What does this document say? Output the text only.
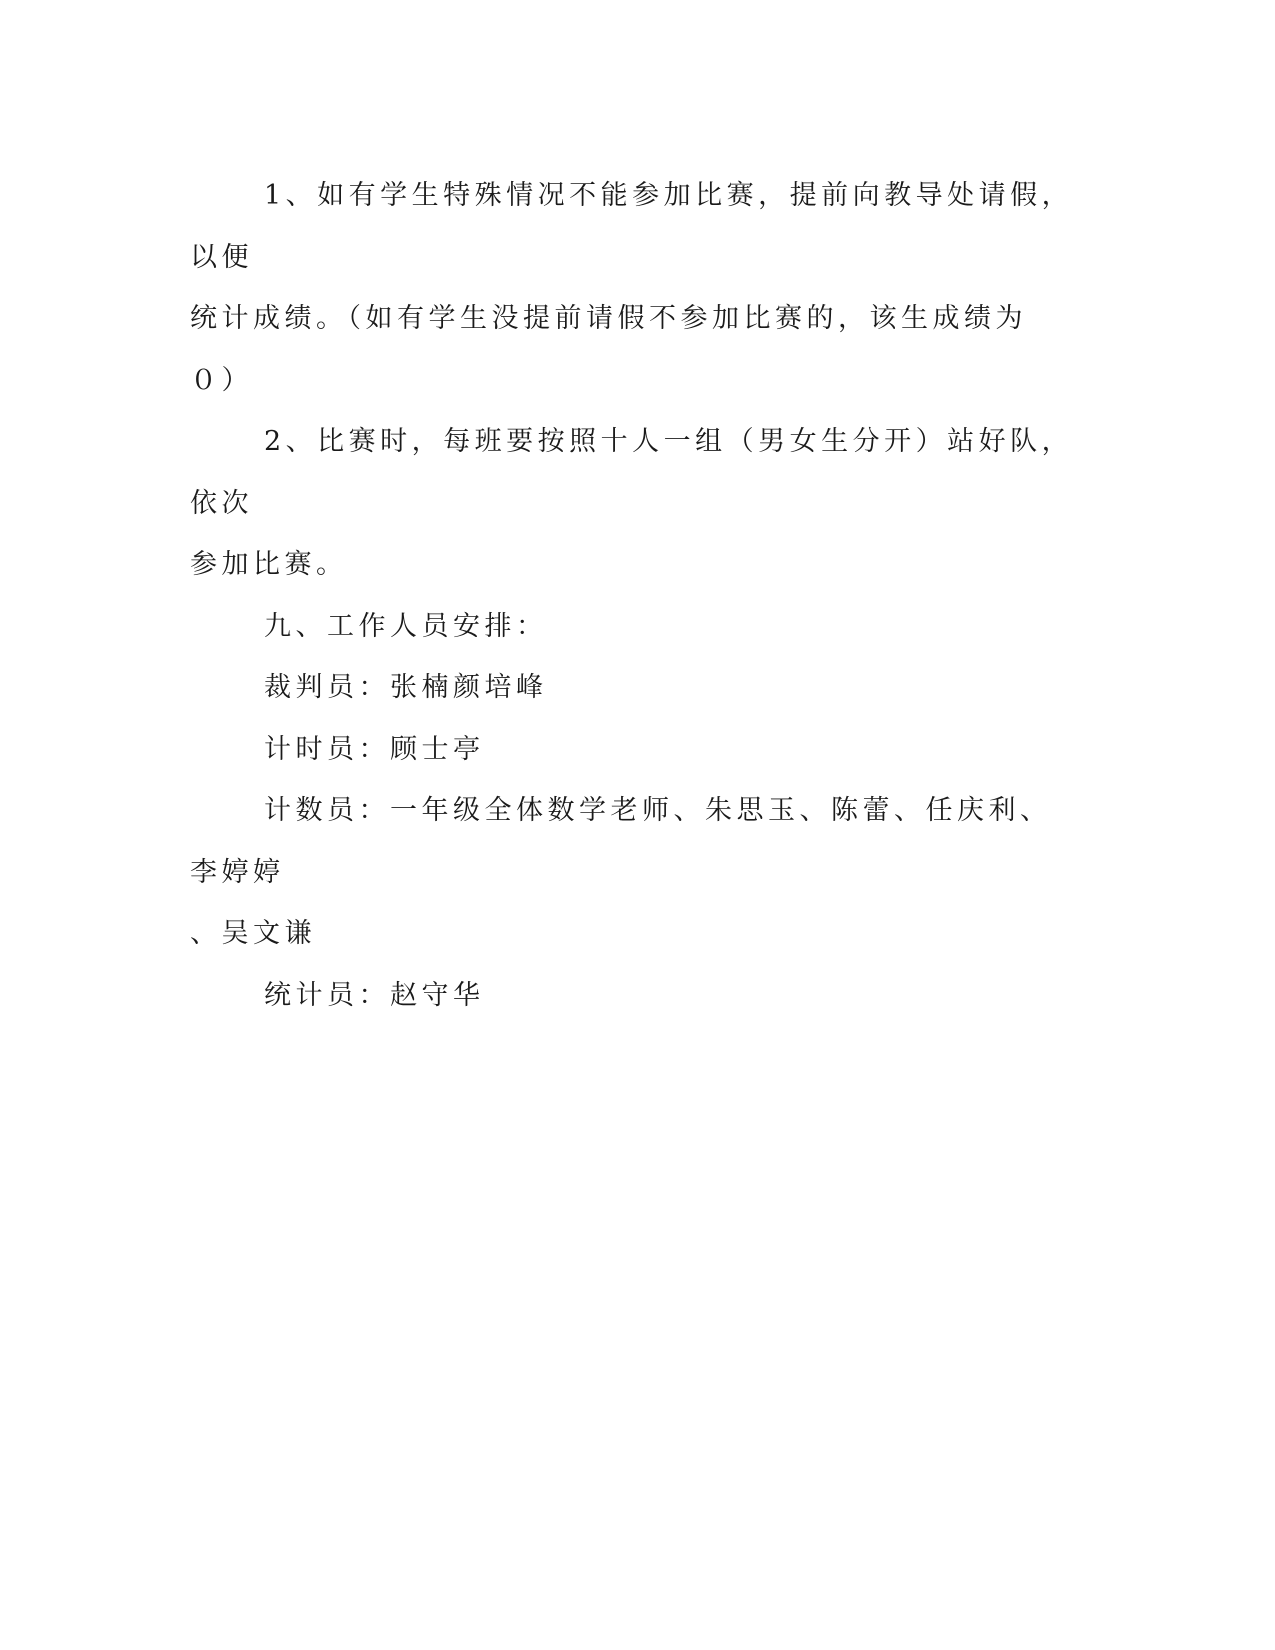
1、如有学生特殊情况不能参加比赛，提前向教导处请假，以便
统计成绩。（如有学生没提前请假不参加比赛的，该生成绩为０）

2、比赛时，每班要按照十人一组（男女生分开）站好队，依次
参加比赛。

九、工作人员安排：

裁判员：张楠颜培峰

计时员：顾士亭

计数员：一年级全体数学老师、朱思玉、陈蕾、任庆利、李婷婷
、吴文谦

统计员：赵守华
